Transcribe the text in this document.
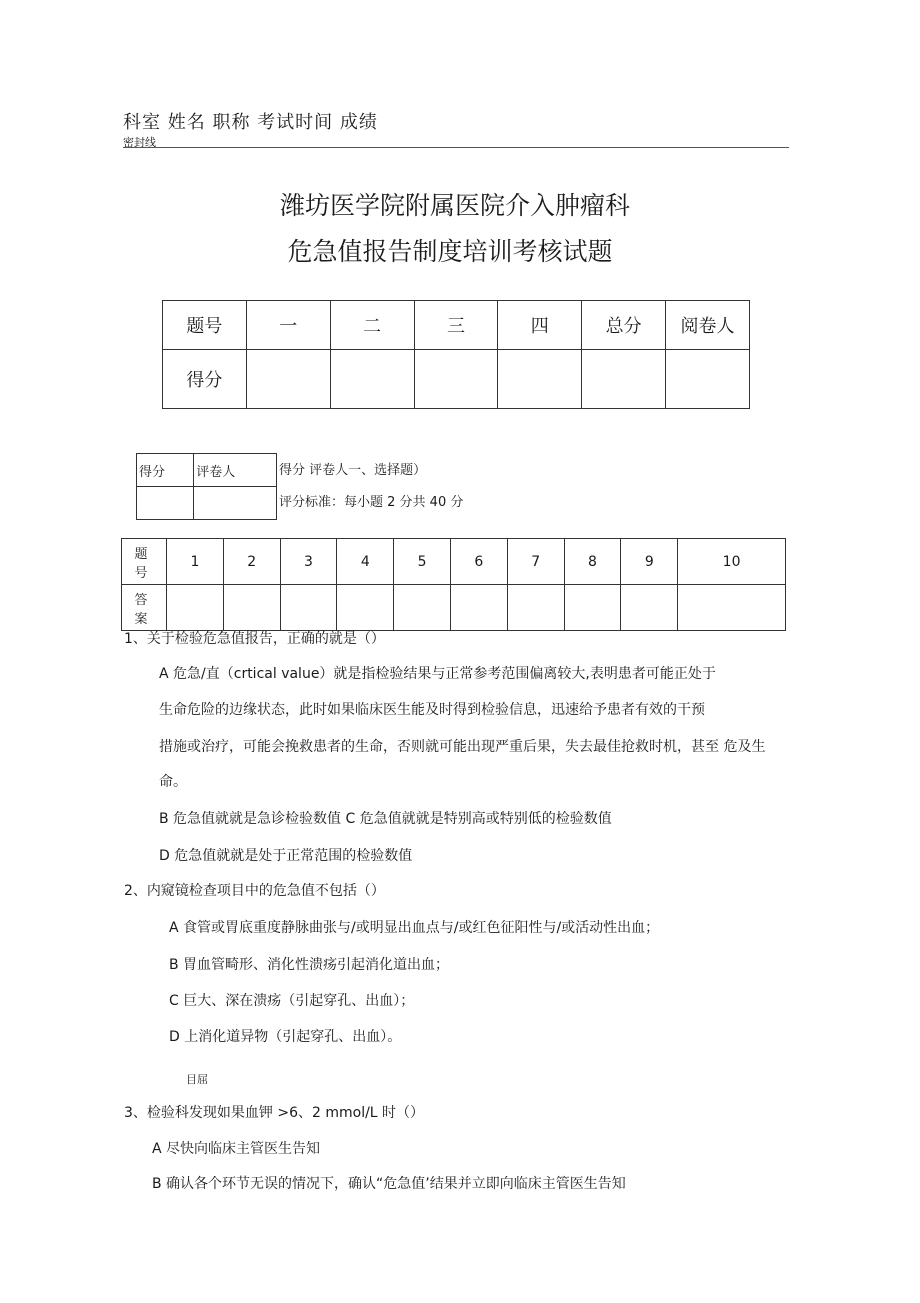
科室 姓名 职称 考试时间 成绩
密封线
潍坊医学院附属医院介入肿瘤科
危急值报告制度培训考核试题
题号	一	二	三	四	总分	阅卷人
得分						
得分	评卷人
		得分 评卷人一、选择题）
评分标准：每小题 2 分共 40 分
题 号	1	2	3	4	5	6	7	8	9	10
答 案										
1、关于检验危急值报告，正确的就是（）
A 危急/直（crtical value）就是指检验结果与正常参考范围偏离较大,表明患者可能正处于
生命危险的边缘状态，此时如果临床医生能及时得到检验信息，迅速给予患者有效的干预
措施或治疗，可能会挽救患者的生命，否则就可能出现严重后果，失去最佳抢救时机，甚至 危及生
命。
B 危急值就就是急诊检验数值 C 危急值就就是特别高或特别低的检验数值
D 危急值就就是处于正常范围的检验数值
2、内窥镜检查项目中的危急值不包括（）
A 食管或胃底重度静脉曲张与/或明显出血点与/或红色征阳性与/或活动性出血；
B 胃血管畸形、消化性溃疡引起消化道出血；
C 巨大、深在溃疡（引起穿孔、出血）；
D 上消化道异物（引起穿孔、出血）。
目屈
3、检验科发现如果血钾 >6、2 mmol/L 时（）
A 尽快向临床主管医生告知
B 确认各个环节无误的情况下，确认“危急值’结果并立即向临床主管医生告知
